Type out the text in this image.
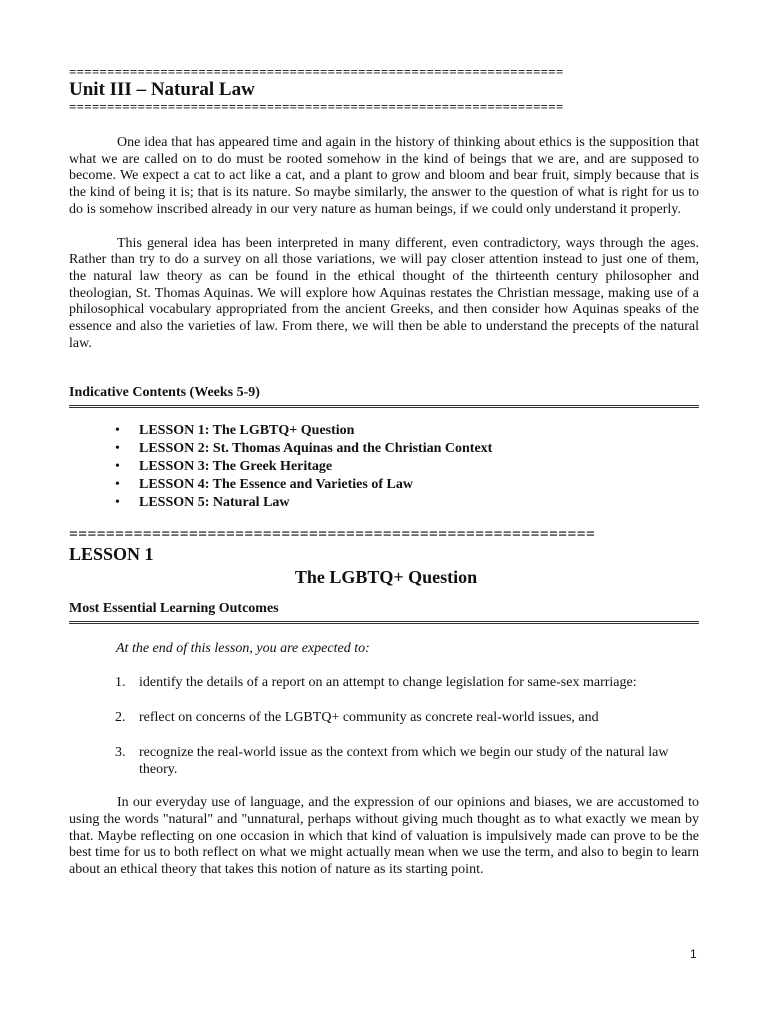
=================================================================
Unit III – Natural Law
=================================================================

One idea that has appeared time and again in the history of thinking about ethics is the supposition that what we are called on to do must be rooted somehow in the kind of beings that we are, and are supposed to become. We expect a cat to act like a cat, and a plant to grow and bloom and bear fruit, simply because that is the kind of being it is; that is its nature. So maybe similarly, the answer to the question of what is right for us to do is somehow inscribed already in our very nature as human beings, if we could only understand it properly.

This general idea has been interpreted in many different, even contradictory, ways through the ages. Rather than try to do a survey on all those variations, we will pay closer attention instead to just one of them, the natural law theory as can be found in the ethical thought of the thirteenth century philosopher and theologian, St. Thomas Aquinas. We will explore how Aquinas restates the Christian message, making use of a philosophical vocabulary appropriated from the ancient Greeks, and then consider how Aquinas speaks of the essence and also the varieties of law. From there, we will then be able to understand the precepts of the natural law.

Indicative Contents (Weeks 5-9)
• LESSON 1: The LGBTQ+ Question
• LESSON 2: St. Thomas Aquinas and the Christian Context
• LESSON 3: The Greek Heritage
• LESSON 4: The Essence and Varieties of Law
• LESSON 5: Natural Law
=========================================================
LESSON 1
The LGBTQ+ Question
Most Essential Learning Outcomes
At the end of this lesson, you are expected to:
1. identify the details of a report on an attempt to change legislation for same-sex marriage:
2. reflect on concerns of the LGBTQ+ community as concrete real-world issues, and
3. recognize the real-world issue as the context from which we begin our study of the natural law theory.

In our everyday use of language, and the expression of our opinions and biases, we are accustomed to using the words "natural" and "unnatural, perhaps without giving much thought as to what exactly we mean by that. Maybe reflecting on one occasion in which that kind of valuation is impulsively made can prove to be the best time for us to both reflect on what we might actually mean when we use the term, and also to begin to learn about an ethical theory that takes this notion of nature as its starting point.

1
